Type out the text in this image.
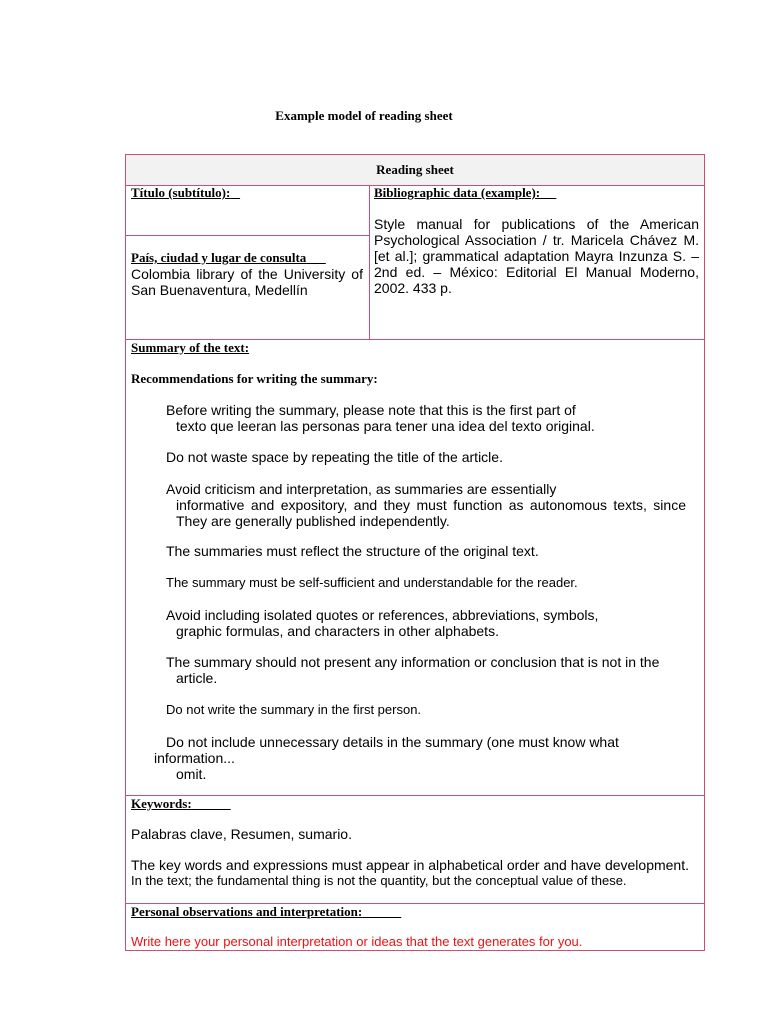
Example model of reading sheet
Reading sheet
Título (subtítulo):
País, ciudad y lugar de consulta
Colombia library of the University of San Buenaventura, Medellín
Bibliographic data (example):
Style manual for publications of the American Psychological Association / tr. Maricela Chávez M. [et al.]; grammatical adaptation Mayra Inzunza S. –2nd ed. – México: Editorial El Manual Moderno, 2002. 433 p.
Summary of the text:
Recommendations for writing the summary:
Before writing the summary, please note that this is the first part of
texto que leeran las personas para tener una idea del texto original.
Do not waste space by repeating the title of the article.
Avoid criticism and interpretation, as summaries are essentially
informative and expository, and they must function as autonomous texts, since They are generally published independently.
The summaries must reflect the structure of the original text.
The summary must be self-sufficient and understandable for the reader.
Avoid including isolated quotes or references, abbreviations, symbols,
graphic formulas, and characters in other alphabets.
The summary should not present any information or conclusion that is not in the
article.
Do not write the summary in the first person.
Do not include unnecessary details in the summary (one must know what information...
omit.
Keywords:
Palabras clave, Resumen, sumario.
The key words and expressions must appear in alphabetical order and have development.
In the text; the fundamental thing is not the quantity, but the conceptual value of these.
Personal observations and interpretation:
Write here your personal interpretation or ideas that the text generates for you.
